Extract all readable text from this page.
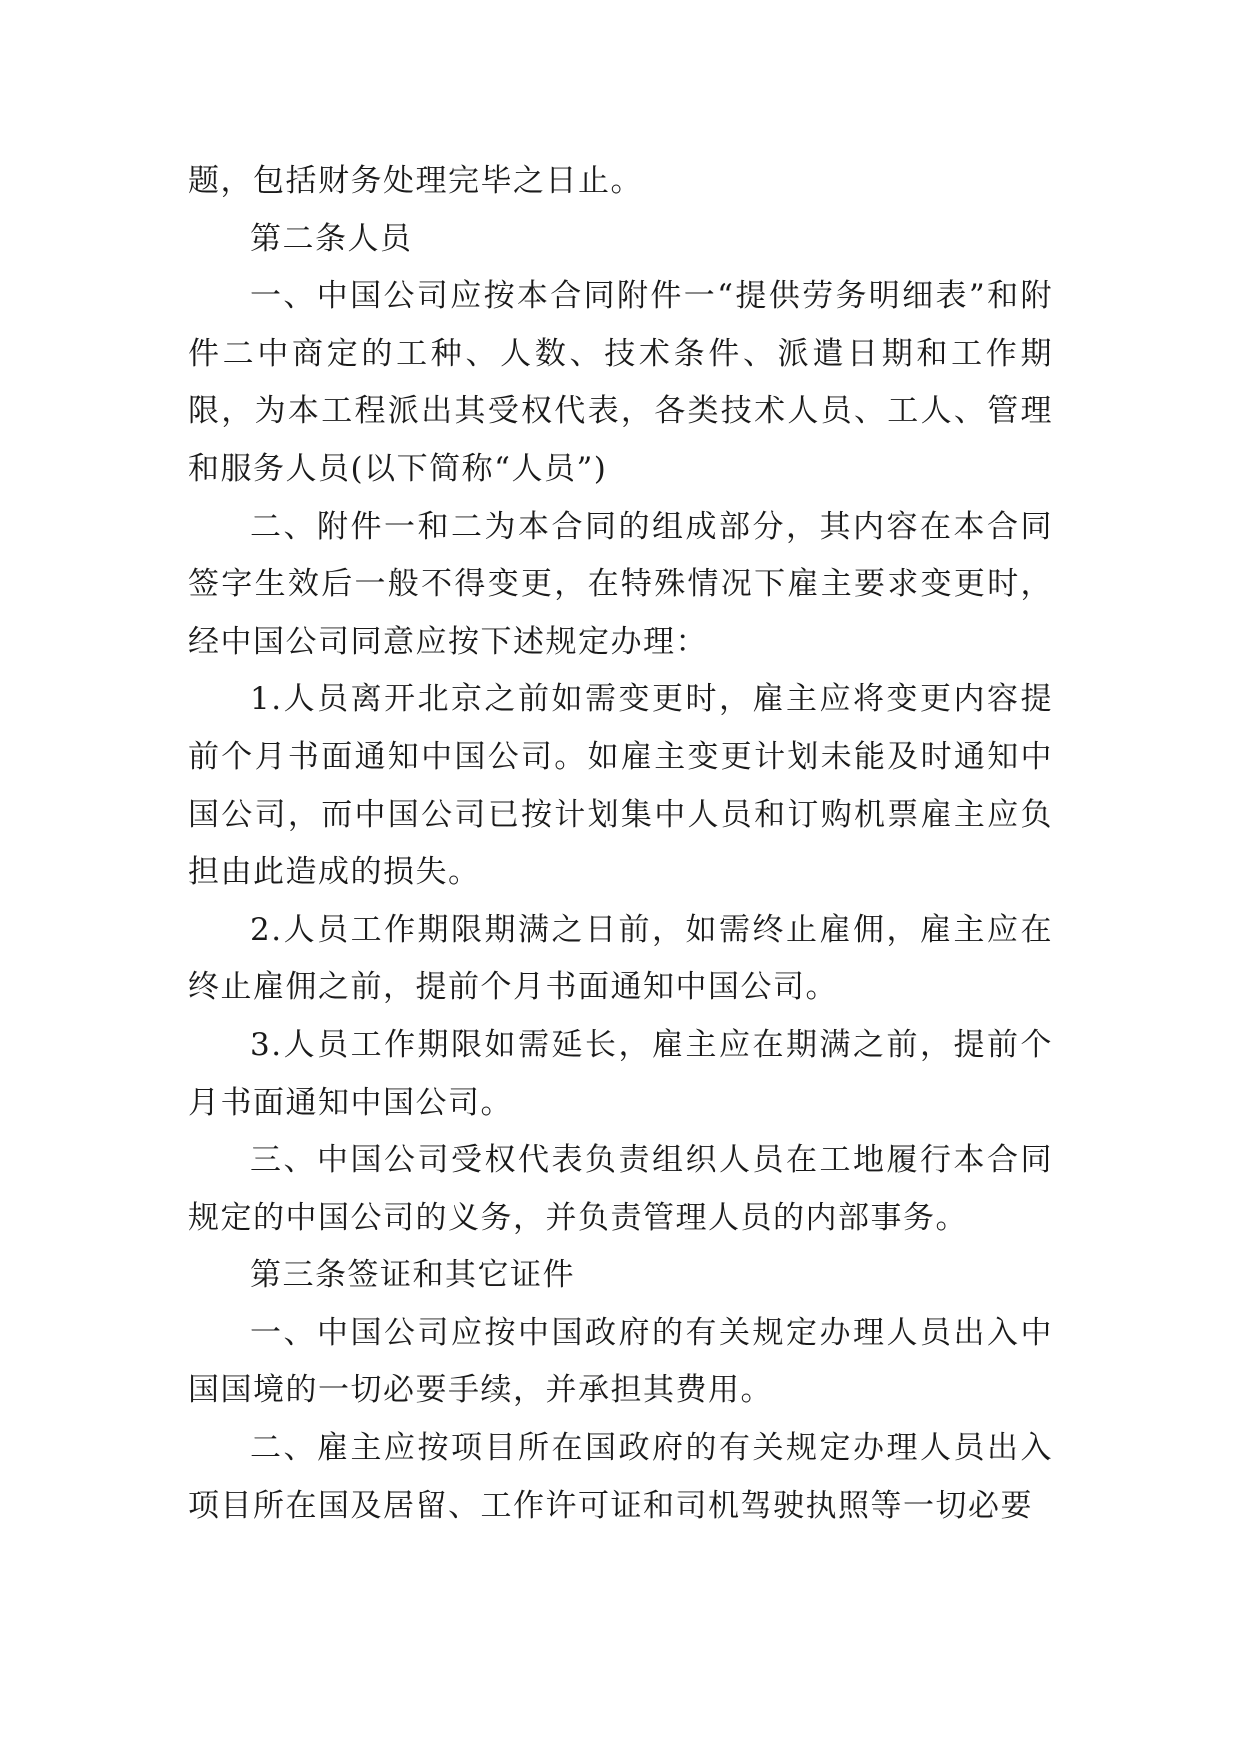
题，包括财务处理完毕之日止。

第二条人员

一、中国公司应按本合同附件一“提供劳务明细表”和附件二中商定的工种、人数、技术条件、派遣日期和工作期限，为本工程派出其受权代表，各类技术人员、工人、管理和服务人员(以下简称“人员”)

二、附件一和二为本合同的组成部分，其内容在本合同签字生效后一般不得变更，在特殊情况下雇主要求变更时，经中国公司同意应按下述规定办理：

1.人员离开北京之前如需变更时，雇主应将变更内容提前个月书面通知中国公司。如雇主变更计划未能及时通知中国公司，而中国公司已按计划集中人员和订购机票雇主应负担由此造成的损失。

2.人员工作期限期满之日前，如需终止雇佣，雇主应在终止雇佣之前，提前个月书面通知中国公司。

3.人员工作期限如需延长，雇主应在期满之前，提前个月书面通知中国公司。

三、中国公司受权代表负责组织人员在工地履行本合同规定的中国公司的义务，并负责管理人员的内部事务。

第三条签证和其它证件

一、中国公司应按中国政府的有关规定办理人员出入中国国境的一切必要手续，并承担其费用。

二、雇主应按项目所在国政府的有关规定办理人员出入项目所在国及居留、工作许可证和司机驾驶执照等一切必要
